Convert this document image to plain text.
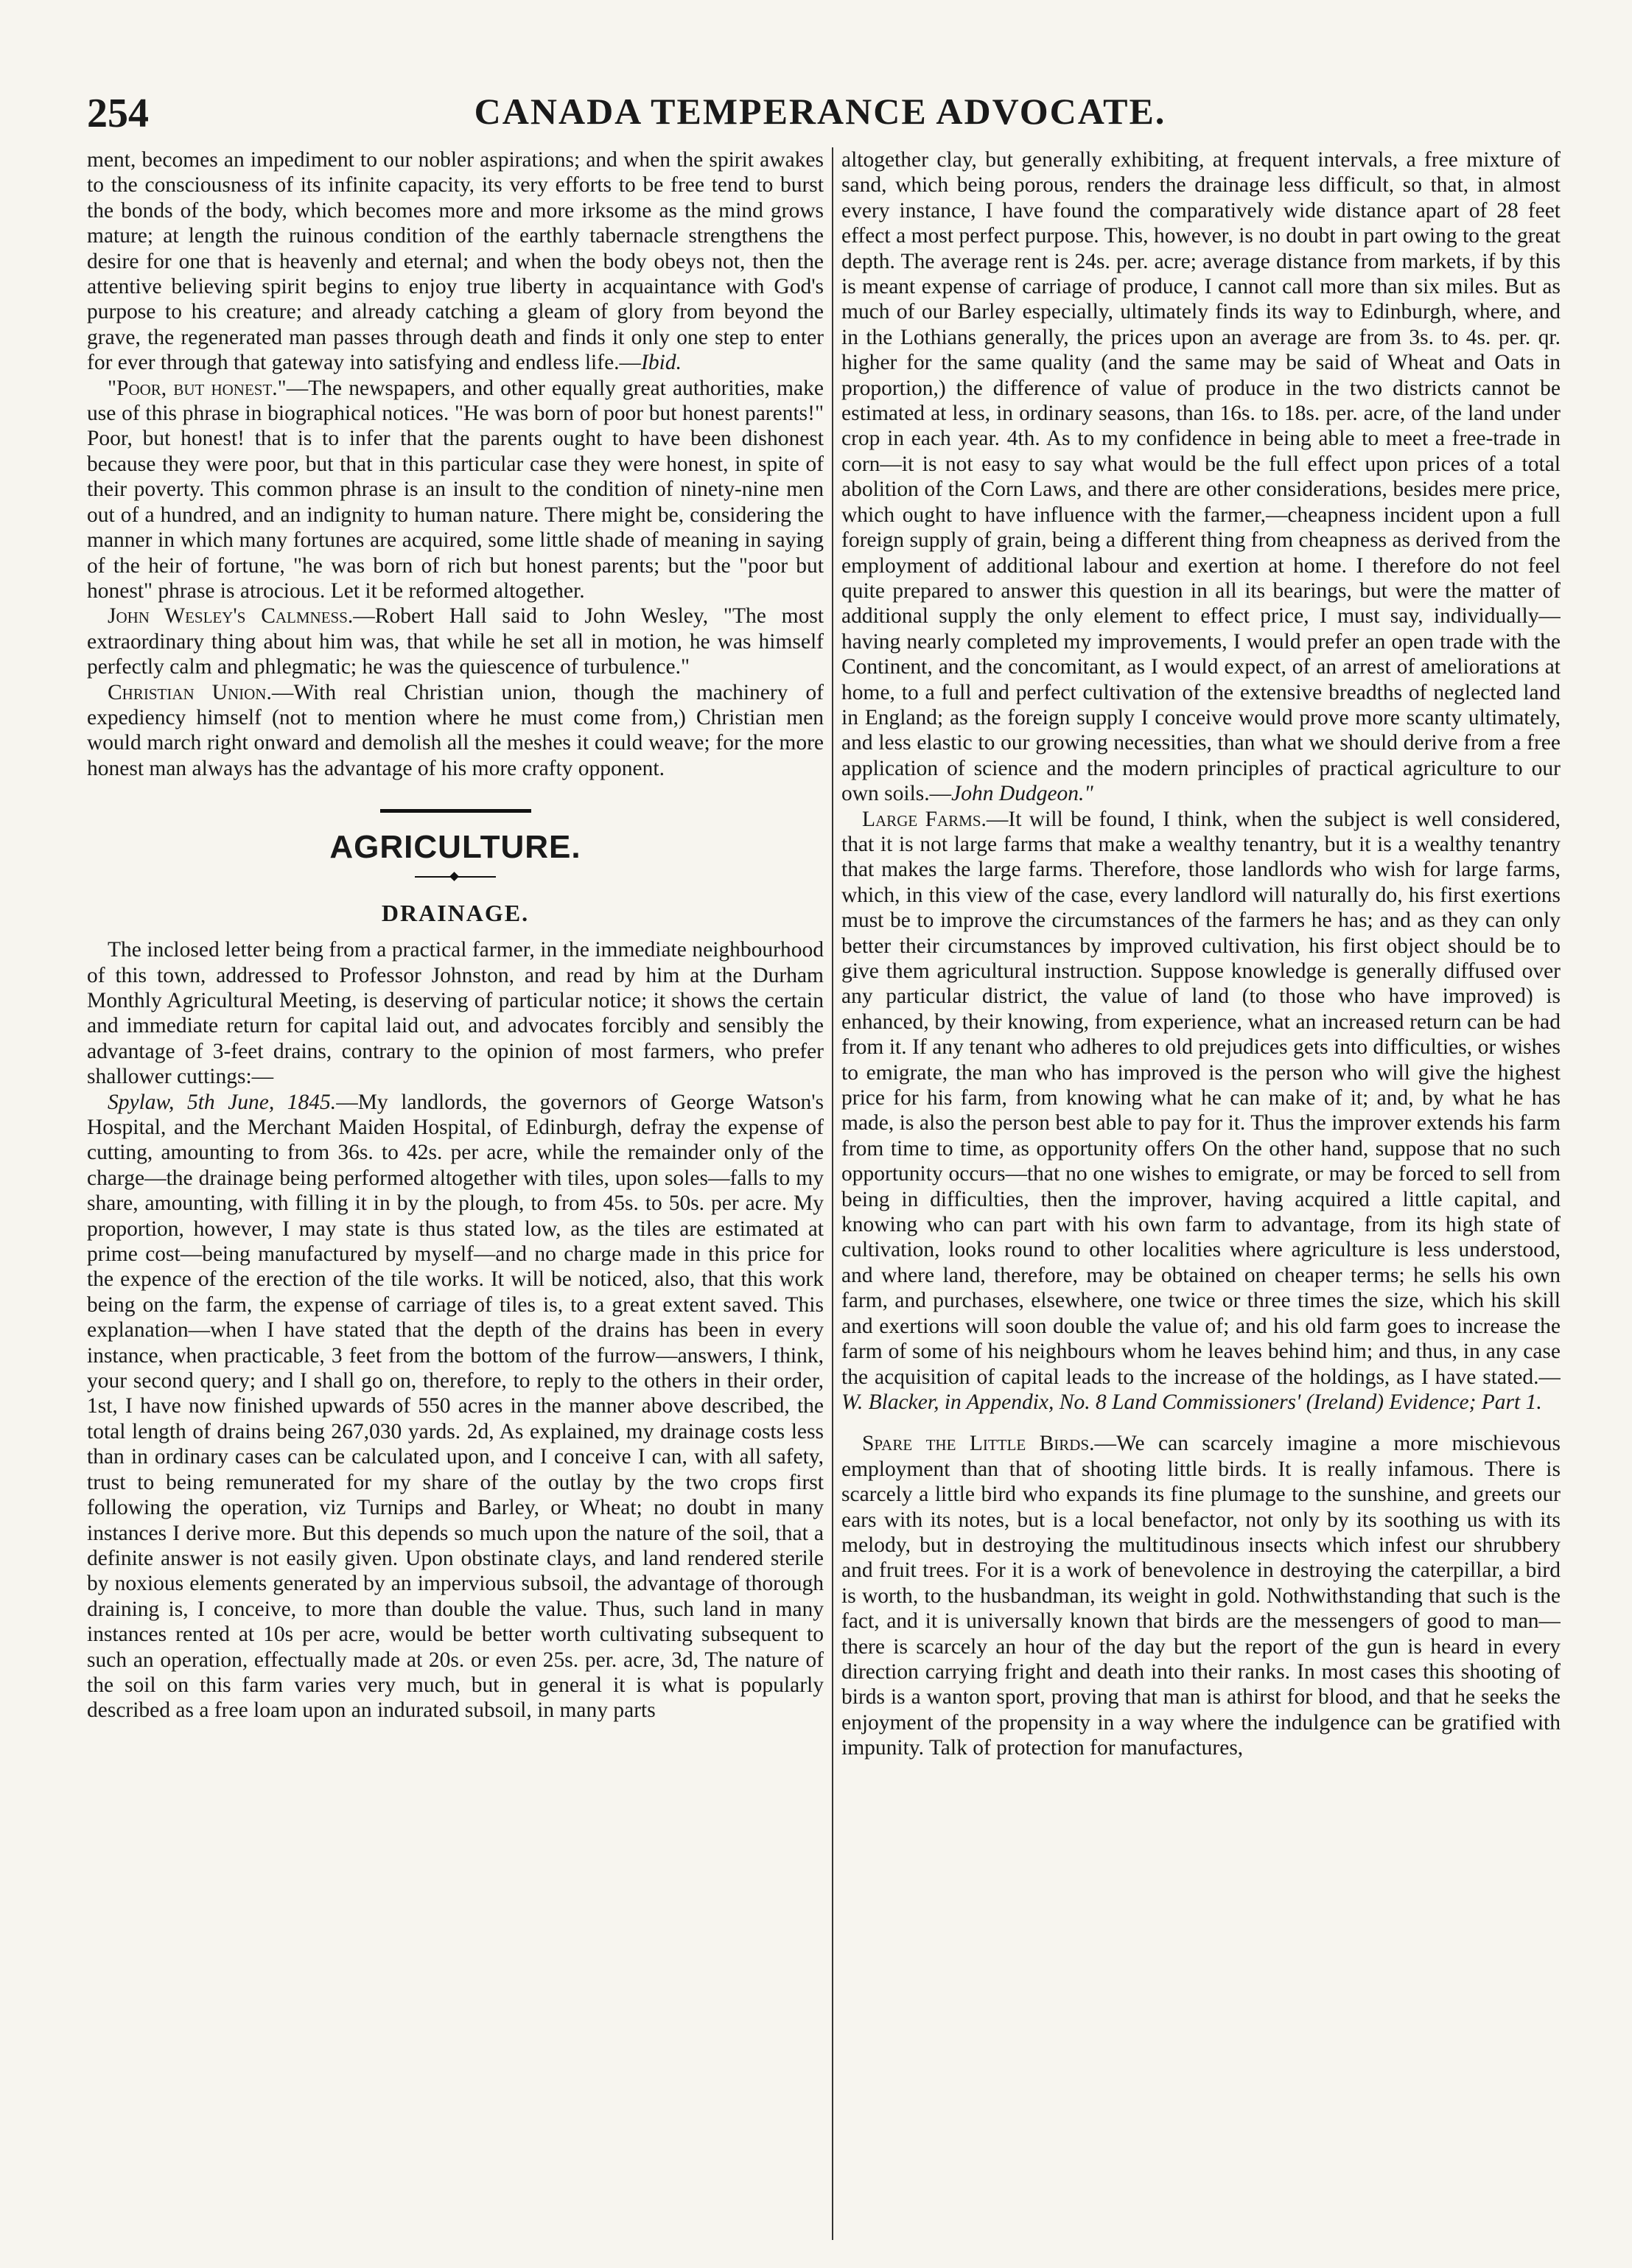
254	CANADA TEMPERANCE ADVOCATE.

ment, becomes an impediment to our nobler aspirations; and when the spirit awakes to the consciousness of its infinite capacity, its very efforts to be free tend to burst the bonds of the body, which becomes more and more irksome as the mind grows mature; at length the ruinous condition of the earthly tabernacle strengthens the desire for one that is heavenly and eternal; and when the body obeys not, then the attentive believing spirit begins to enjoy true liberty in acquaintance with God's purpose to his creature; and already catching a gleam of glory from beyond the grave, the regenerated man passes through death and finds it only one step to enter for ever through that gateway into satisfying and endless life.—Ibid.

"Poor, but honest."—The newspapers, and other equally great authorities, make use of this phrase in biographical notices. "He was born of poor but honest parents!" Poor, but honest! that is to infer that the parents ought to have been dishonest because they were poor, but that in this particular case they were honest, in spite of their poverty. This common phrase is an insult to the condition of ninety-nine men out of a hundred, and an indignity to human nature. There might be, considering the manner in which many fortunes are acquired, some little shade of meaning in saying of the heir of fortune, "he was born of rich but honest parents; but the "poor but honest" phrase is atrocious. Let it be reformed altogether.

John Wesley's Calmness.—Robert Hall said to John Wesley, "The most extraordinary thing about him was, that while he set all in motion, he was himself perfectly calm and phlegmatic; he was the quiescence of turbulence."

Christian Union.—With real Christian union, though the machinery of expediency himself (not to mention where he must come from,) Christian men would march right onward and demolish all the meshes it could weave; for the more honest man always has the advantage of his more crafty opponent.

AGRICULTURE.
DRAINAGE.

The inclosed letter being from a practical farmer, in the immediate neighbourhood of this town, addressed to Professor Johnston, and read by him at the Durham Monthly Agricultural Meeting, is deserving of particular notice; it shows the certain and immediate return for capital laid out, and advocates forcibly and sensibly the advantage of 3-feet drains, contrary to the opinion of most farmers, who prefer shallower cuttings:—

Spylaw, 5th June, 1845.—My landlords, the governors of George Watson's Hospital, and the Merchant Maiden Hospital, of Edinburgh, defray the expense of cutting, amounting to from 36s. to 42s. per acre, while the remainder only of the charge—the drainage being performed altogether with tiles, upon soles—falls to my share, amounting, with filling it in by the plough, to from 45s. to 50s. per acre. My proportion, however, I may state is thus stated low, as the tiles are estimated at prime cost—being manufactured by myself—and no charge made in this price for the expence of the erection of the tile works. It will be noticed, also, that this work being on the farm, the expense of carriage of tiles is, to a great extent saved. This explanation—when I have stated that the depth of the drains has been in every instance, when practicable, 3 feet from the bottom of the furrow—answers, I think, your second query; and I shall go on, therefore, to reply to the others in their order, 1st, I have now finished upwards of 550 acres in the manner above described, the total length of drains being 267,030 yards. 2d, As explained, my drainage costs less than in ordinary cases can be calculated upon, and I conceive I can, with all safety, trust to being remunerated for my share of the outlay by the two crops first following the operation, viz Turnips and Barley, or Wheat; no doubt in many instances I derive more. But this depends so much upon the nature of the soil, that a definite answer is not easily given. Upon obstinate clays, and land rendered sterile by noxious elements generated by an impervious subsoil, the advantage of thorough draining is, I conceive, to more than double the value. Thus, such land in many instances rented at 10s per acre, would be better worth cultivating subsequent to such an operation, effectually made at 20s. or even 25s. per. acre, 3d, The nature of the soil on this farm varies very much, but in general it is what is popularly described as a free loam upon an indurated subsoil, in many parts

altogether clay, but generally exhibiting, at frequent intervals, a free mixture of sand, which being porous, renders the drainage less difficult, so that, in almost every instance, I have found the comparatively wide distance apart of 28 feet effect a most perfect purpose. This, however, is no doubt in part owing to the great depth. The average rent is 24s. per. acre; average distance from markets, if by this is meant expense of carriage of produce, I cannot call more than six miles. But as much of our Barley especially, ultimately finds its way to Edinburgh, where, and in the Lothians generally, the prices upon an average are from 3s. to 4s. per. qr. higher for the same quality (and the same may be said of Wheat and Oats in proportion,) the difference of value of produce in the two districts cannot be estimated at less, in ordinary seasons, than 16s. to 18s. per. acre, of the land under crop in each year. 4th. As to my confidence in being able to meet a free-trade in corn—it is not easy to say what would be the full effect upon prices of a total abolition of the Corn Laws, and there are other considerations, besides mere price, which ought to have influence with the farmer,—cheapness incident upon a full foreign supply of grain, being a different thing from cheapness as derived from the employment of additional labour and exertion at home. I therefore do not feel quite prepared to answer this question in all its bearings, but were the matter of additional supply the only element to effect price, I must say, individually—having nearly completed my improvements, I would prefer an open trade with the Continent, and the concomitant, as I would expect, of an arrest of ameliorations at home, to a full and perfect cultivation of the extensive breadths of neglected land in England; as the foreign supply I conceive would prove more scanty ultimately, and less elastic to our growing necessities, than what we should derive from a free application of science and the modern principles of practical agriculture to our own soils.—John Dudgeon."

Large Farms.—It will be found, I think, when the subject is well considered, that it is not large farms that make a wealthy tenantry, but it is a wealthy tenantry that makes the large farms. Therefore, those landlords who wish for large farms, which, in this view of the case, every landlord will naturally do, his first exertions must be to improve the circumstances of the farmers he has; and as they can only better their circumstances by improved cultivation, his first object should be to give them agricultural instruction. Suppose knowledge is generally diffused over any particular district, the value of land (to those who have improved) is enhanced, by their knowing, from experience, what an increased return can be had from it. If any tenant who adheres to old prejudices gets into difficulties, or wishes to emigrate, the man who has improved is the person who will give the highest price for his farm, from knowing what he can make of it; and, by what he has made, is also the person best able to pay for it. Thus the improver extends his farm from time to time, as opportunity offers On the other hand, suppose that no such opportunity occurs—that no one wishes to emigrate, or may be forced to sell from being in difficulties, then the improver, having acquired a little capital, and knowing who can part with his own farm to advantage, from its high state of cultivation, looks round to other localities where agriculture is less understood, and where land, therefore, may be obtained on cheaper terms; he sells his own farm, and purchases, elsewhere, one twice or three times the size, which his skill and exertions will soon double the value of; and his old farm goes to increase the farm of some of his neighbours whom he leaves behind him; and thus, in any case the acquisition of capital leads to the increase of the holdings, as I have stated.—W. Blacker, in Appendix, No. 8 Land Commissioners' (Ireland) Evidence; Part 1.

Spare the Little Birds.—We can scarcely imagine a more mischievous employment than that of shooting little birds. It is really infamous. There is scarcely a little bird who expands its fine plumage to the sunshine, and greets our ears with its notes, but is a local benefactor, not only by its soothing us with its melody, but in destroying the multitudinous insects which infest our shrubbery and fruit trees. For it is a work of benevolence in destroying the caterpillar, a bird is worth, to the husbandman, its weight in gold. Nothwithstanding that such is the fact, and it is universally known that birds are the messengers of good to man—there is scarcely an hour of the day but the report of the gun is heard in every direction carrying fright and death into their ranks. In most cases this shooting of birds is a wanton sport, proving that man is athirst for blood, and that he seeks the enjoyment of the propensity in a way where the indulgence can be gratified with impunity. Talk of protection for manufactures,
